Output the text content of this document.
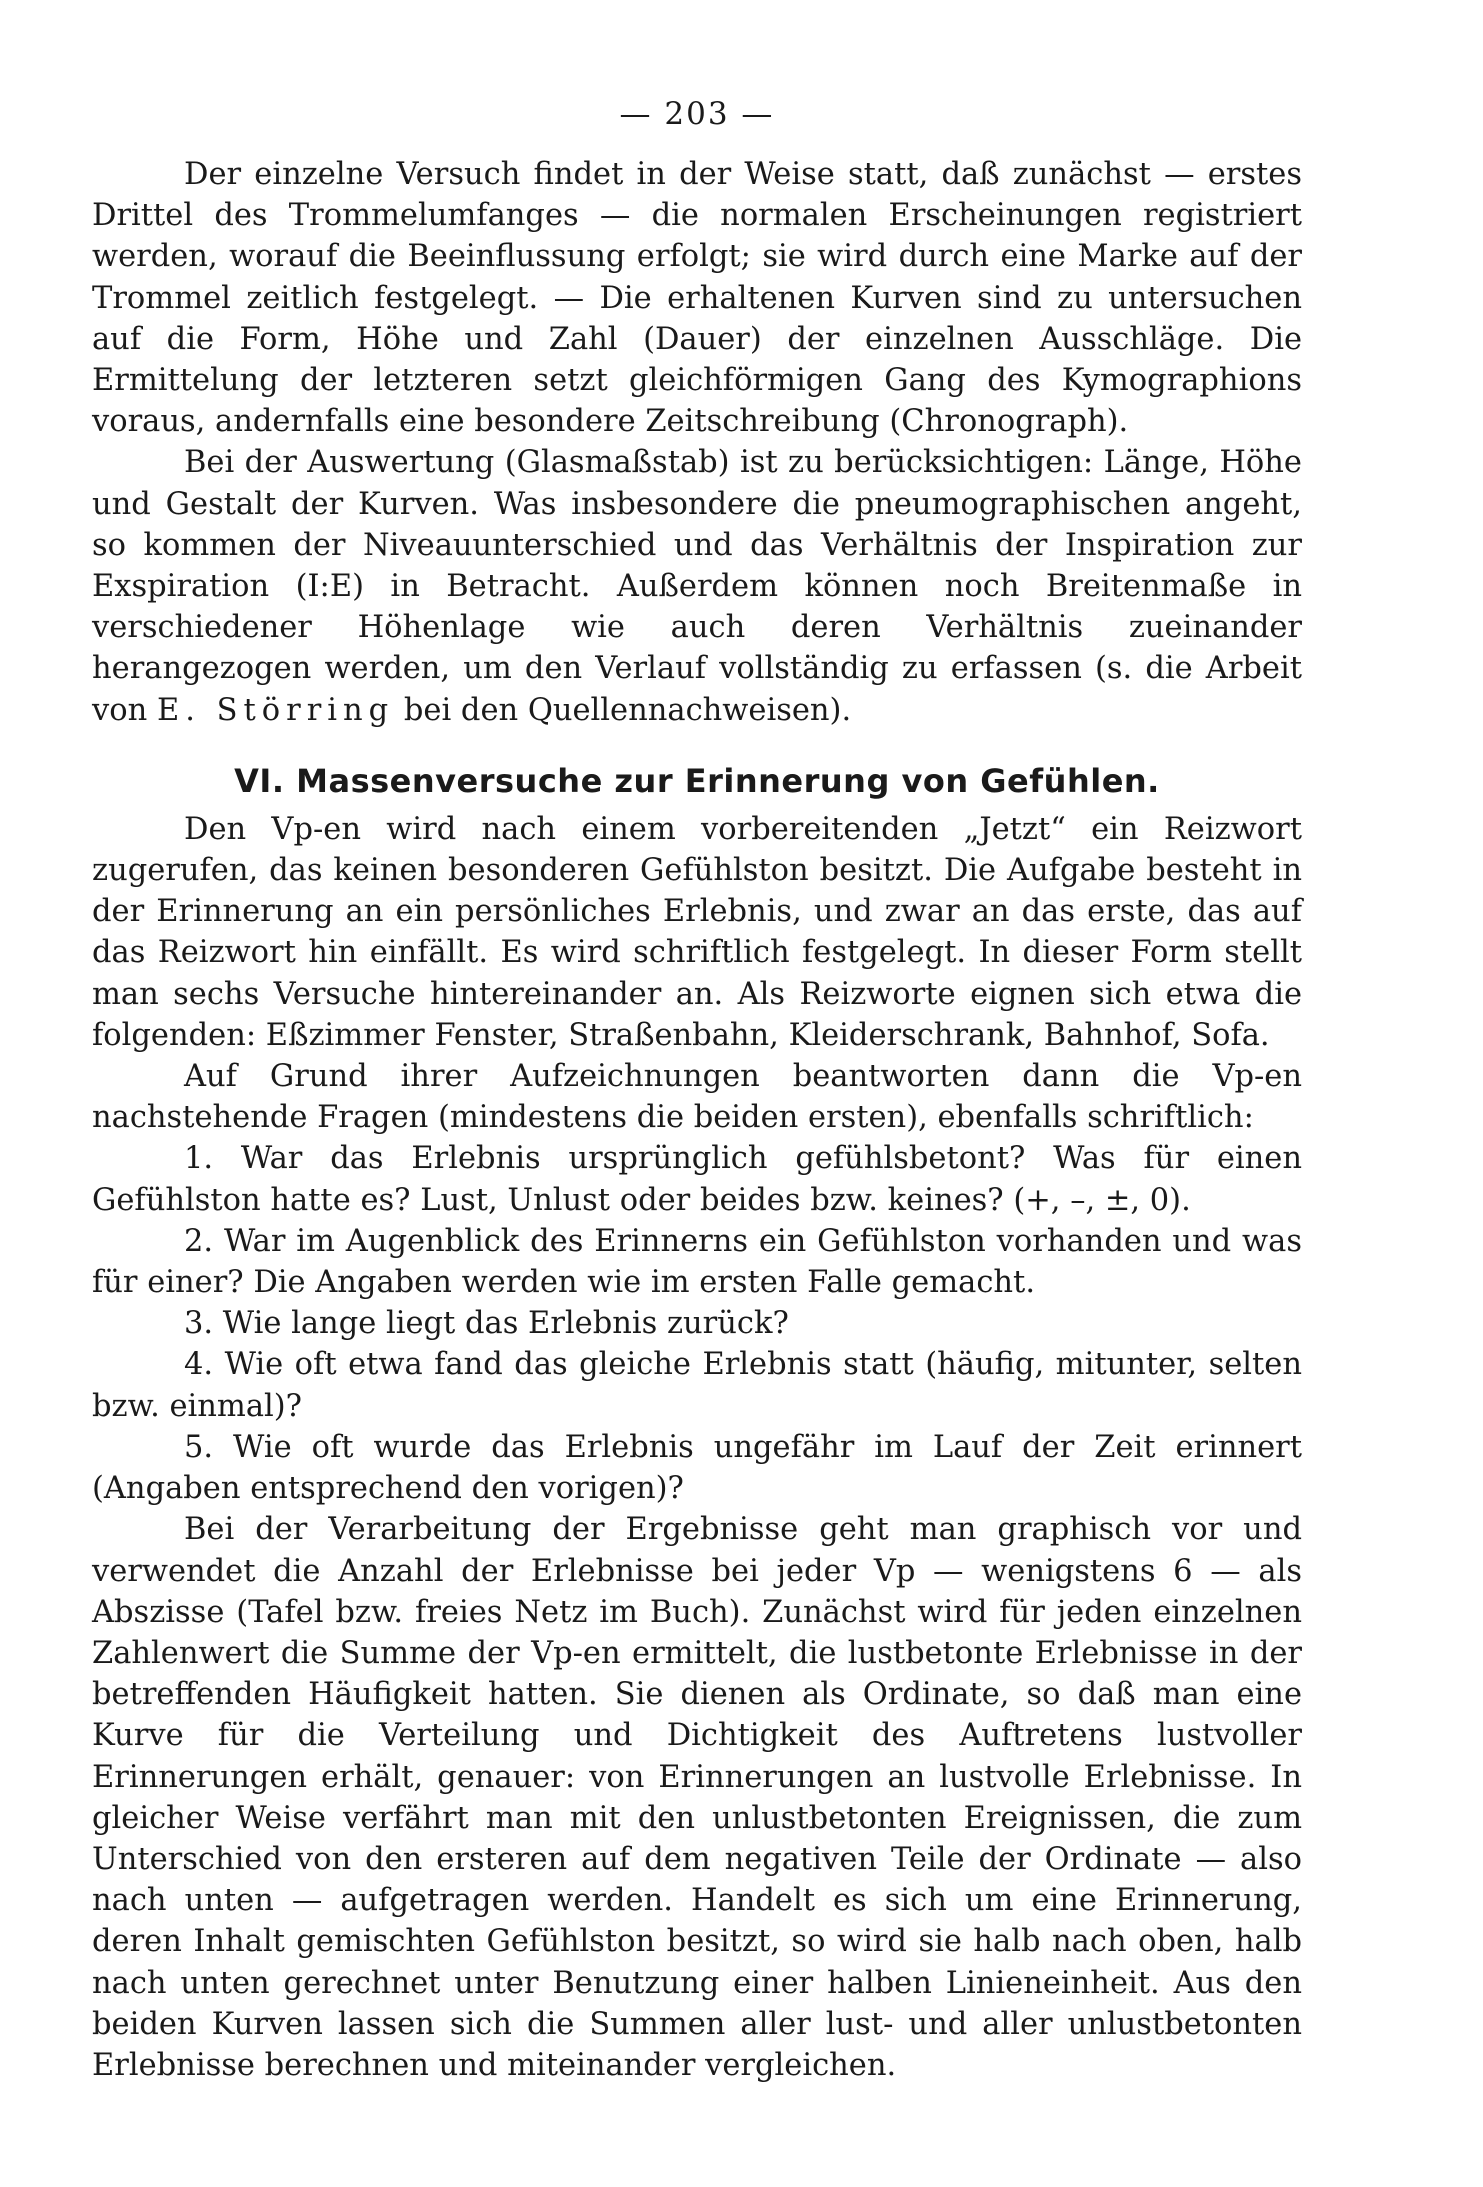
— 203 —

Der einzelne Versuch findet in der Weise statt, daß zunächst — erstes Drittel des Trommelumfanges — die normalen Erscheinungen registriert werden, worauf die Beeinflussung erfolgt; sie wird durch eine Marke auf der Trommel zeitlich festgelegt. — Die erhaltenen Kurven sind zu untersuchen auf die Form, Höhe und Zahl (Dauer) der einzelnen Ausschläge. Die Ermittelung der letzteren setzt gleichförmigen Gang des Kymographions voraus, andernfalls eine besondere Zeitschreibung (Chronograph).

Bei der Auswertung (Glasmaßstab) ist zu berücksichtigen: Länge, Höhe und Gestalt der Kurven. Was insbesondere die pneumographischen angeht, so kommen der Niveauunterschied und das Verhältnis der Inspiration zur Exspiration (I:E) in Betracht. Außerdem können noch Breitenmaße in verschiedener Höhenlage wie auch deren Verhältnis zueinander herangezogen werden, um den Verlauf vollständig zu erfassen (s. die Arbeit von E. Störring bei den Quellennachweisen).

VI. Massenversuche zur Erinnerung von Gefühlen.

Den Vp-en wird nach einem vorbereitenden „Jetzt“ ein Reizwort zugerufen, das keinen besonderen Gefühlston besitzt. Die Aufgabe besteht in der Erinnerung an ein persönliches Erlebnis, und zwar an das erste, das auf das Reizwort hin einfällt. Es wird schriftlich festgelegt. In dieser Form stellt man sechs Versuche hintereinander an. Als Reizworte eignen sich etwa die folgenden: Eßzimmer Fenster, Straßenbahn, Kleiderschrank, Bahnhof, Sofa.

Auf Grund ihrer Aufzeichnungen beantworten dann die Vp-en nachstehende Fragen (mindestens die beiden ersten), ebenfalls schriftlich:

1. War das Erlebnis ursprünglich gefühlsbetont? Was für einen Gefühlston hatte es? Lust, Unlust oder beides bzw. keines? (+, –, ±, 0).

2. War im Augenblick des Erinnerns ein Gefühlston vorhanden und was für einer? Die Angaben werden wie im ersten Falle gemacht.

3. Wie lange liegt das Erlebnis zurück?

4. Wie oft etwa fand das gleiche Erlebnis statt (häufig, mitunter, selten bzw. einmal)?

5. Wie oft wurde das Erlebnis ungefähr im Lauf der Zeit erinnert (Angaben entsprechend den vorigen)?

Bei der Verarbeitung der Ergebnisse geht man graphisch vor und verwendet die Anzahl der Erlebnisse bei jeder Vp — wenigstens 6 — als Abszisse (Tafel bzw. freies Netz im Buch). Zunächst wird für jeden einzelnen Zahlenwert die Summe der Vp-en ermittelt, die lustbetonte Erlebnisse in der betreffenden Häufigkeit hatten. Sie dienen als Ordinate, so daß man eine Kurve für die Verteilung und Dichtigkeit des Auftretens lustvoller Erinnerungen erhält, genauer: von Erinnerungen an lustvolle Erlebnisse. In gleicher Weise verfährt man mit den unlustbetonten Ereignissen, die zum Unterschied von den ersteren auf dem negativen Teile der Ordinate — also nach unten — aufgetragen werden. Handelt es sich um eine Erinnerung, deren Inhalt gemischten Gefühlston besitzt, so wird sie halb nach oben, halb nach unten gerechnet unter Benutzung einer halben Linieneinheit. Aus den beiden Kurven lassen sich die Summen aller lust- und aller unlustbetonten Erlebnisse berechnen und miteinander vergleichen.
